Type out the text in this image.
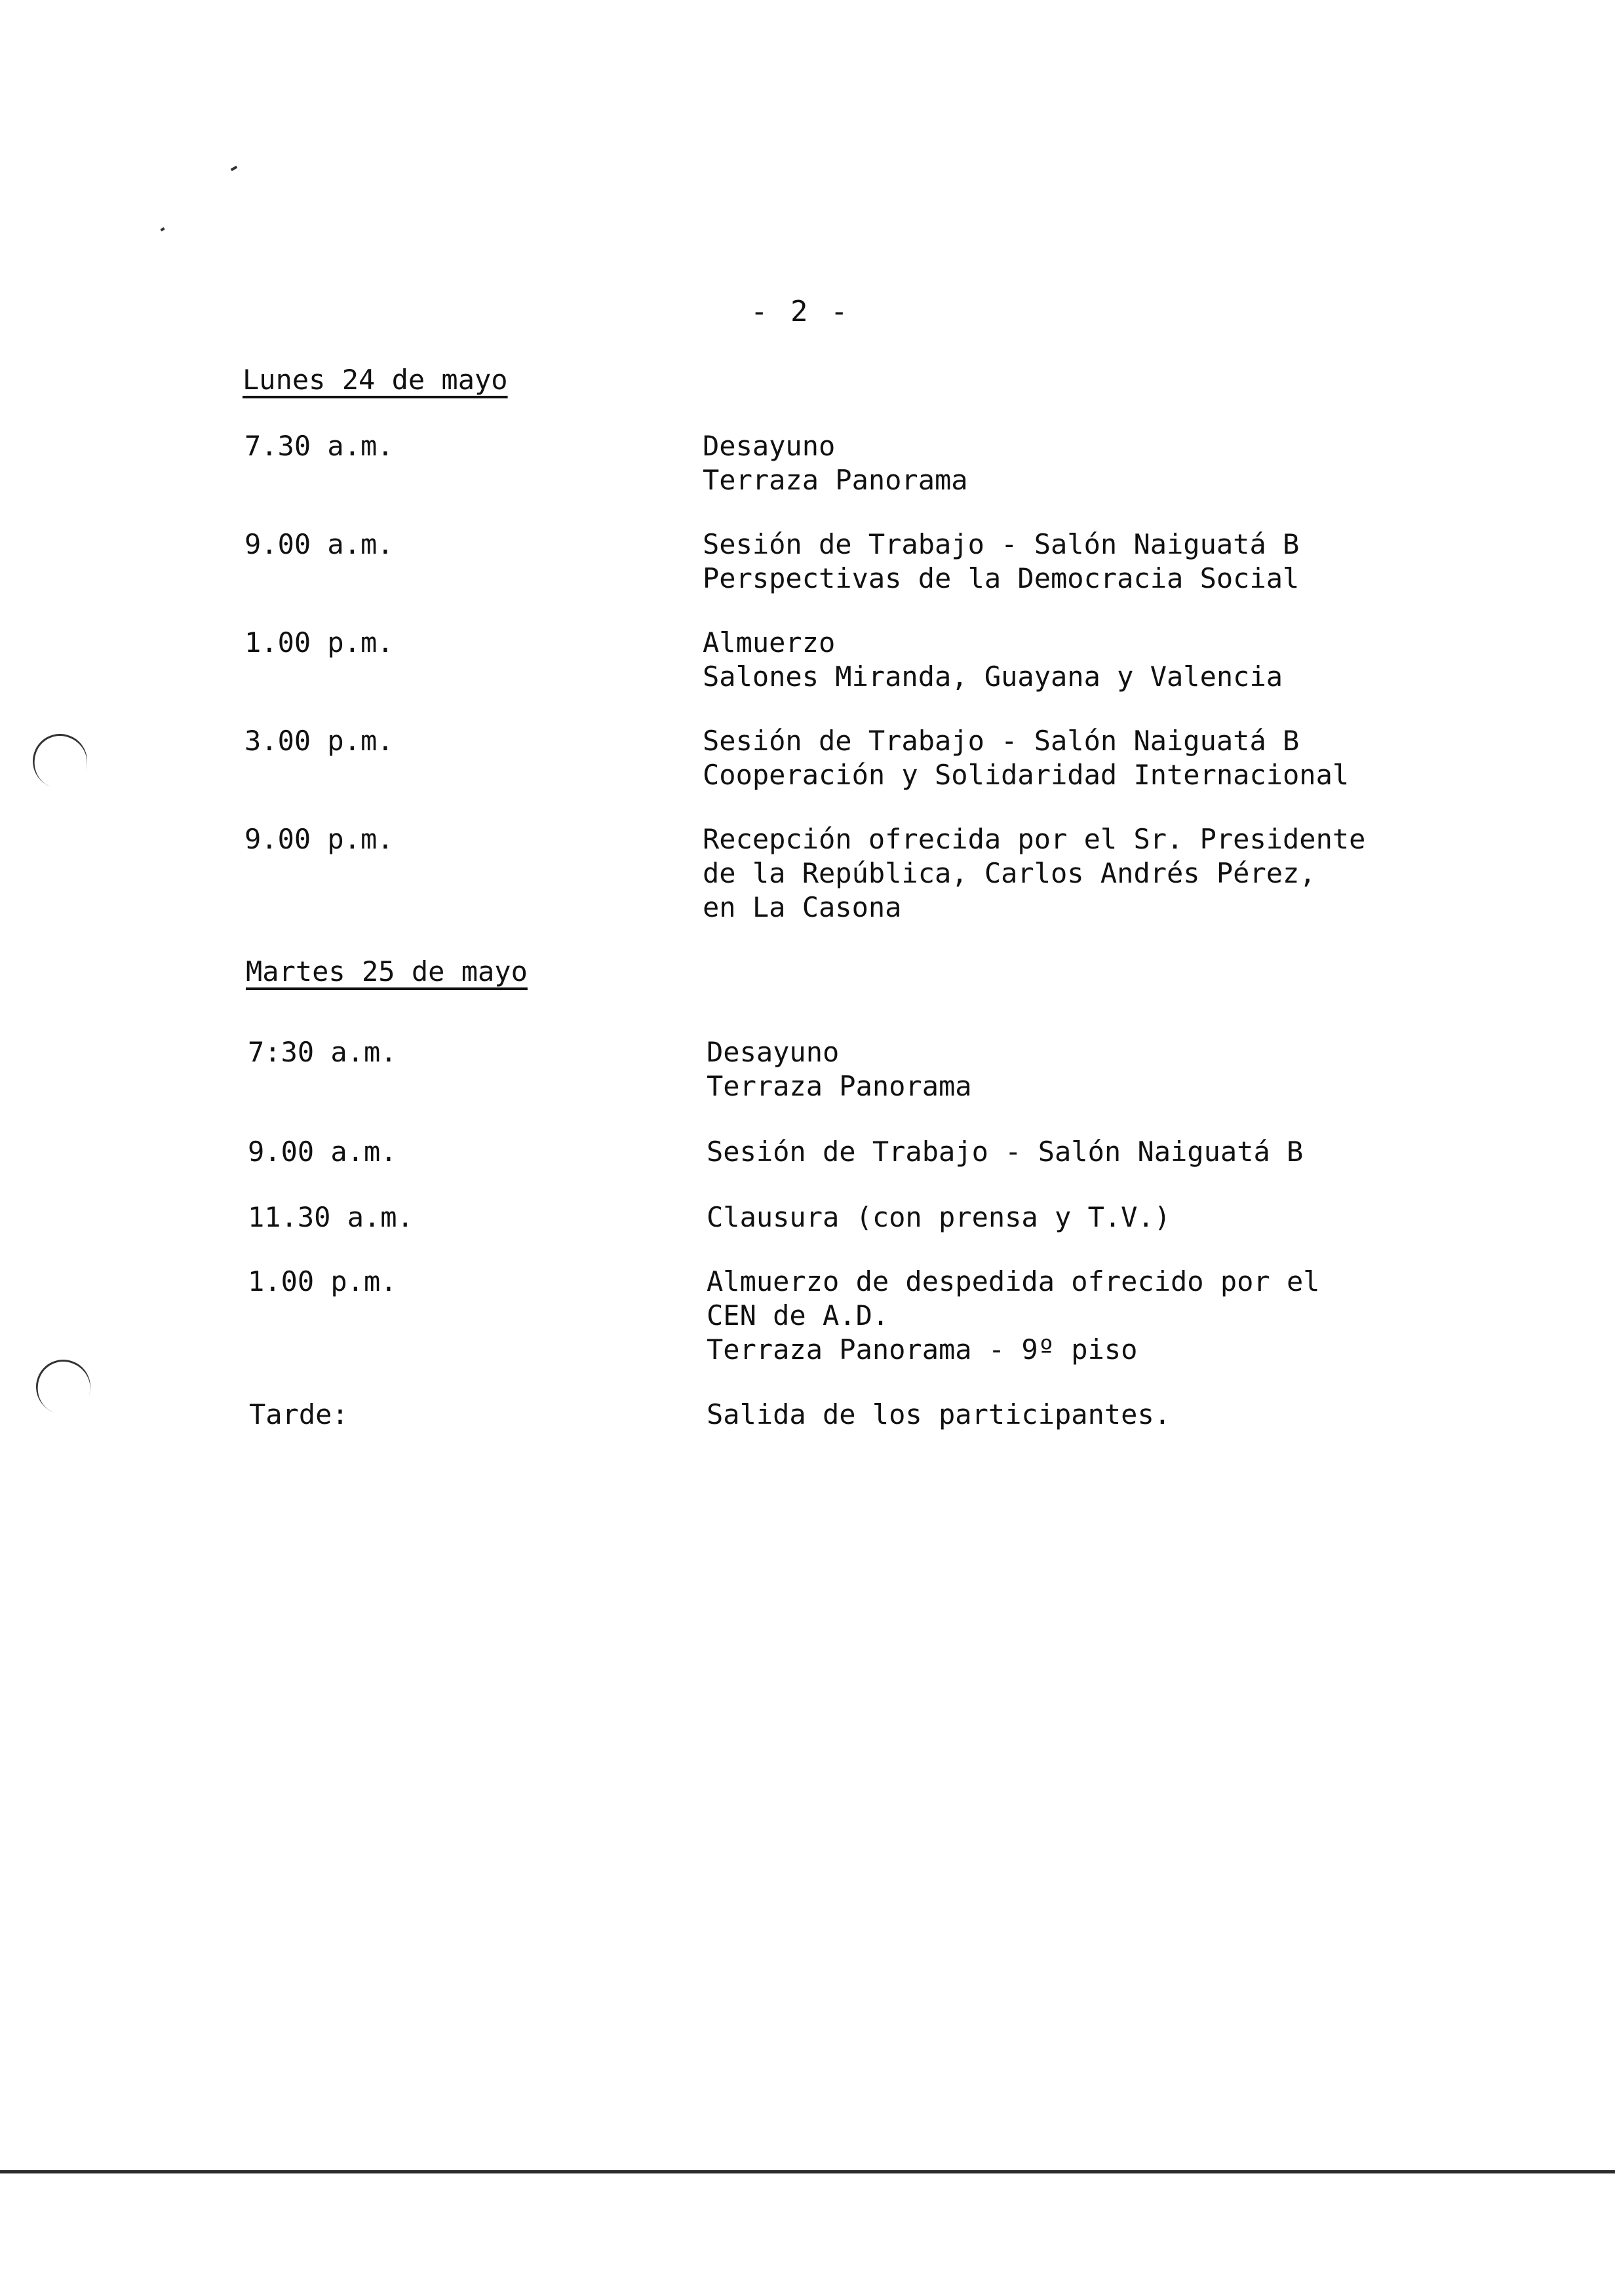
- 2 -
Lunes 24 de mayo
7.30 a.m.	Desayuno
Terraza Panorama
9.00 a.m.	Sesión de Trabajo - Salón Naiguatá B
Perspectivas de la Democracia Social
1.00 p.m.	Almuerzo
Salones Miranda, Guayana y Valencia
3.00 p.m.	Sesión de Trabajo - Salón Naiguatá B
Cooperación y Solidaridad Internacional
9.00 p.m.	Recepción ofrecida por el Sr. Presidente
de la República, Carlos Andrés Pérez,
en La Casona
Martes 25 de mayo
7:30 a.m.	Desayuno
Terraza Panorama
9.00 a.m.	Sesión de Trabajo - Salón Naiguatá B
11.30 a.m.	Clausura (con prensa y T.V.)
1.00 p.m.	Almuerzo de despedida ofrecido por el
CEN de A.D.
Terraza Panorama - 9º piso
Tarde:	Salida de los participantes.
